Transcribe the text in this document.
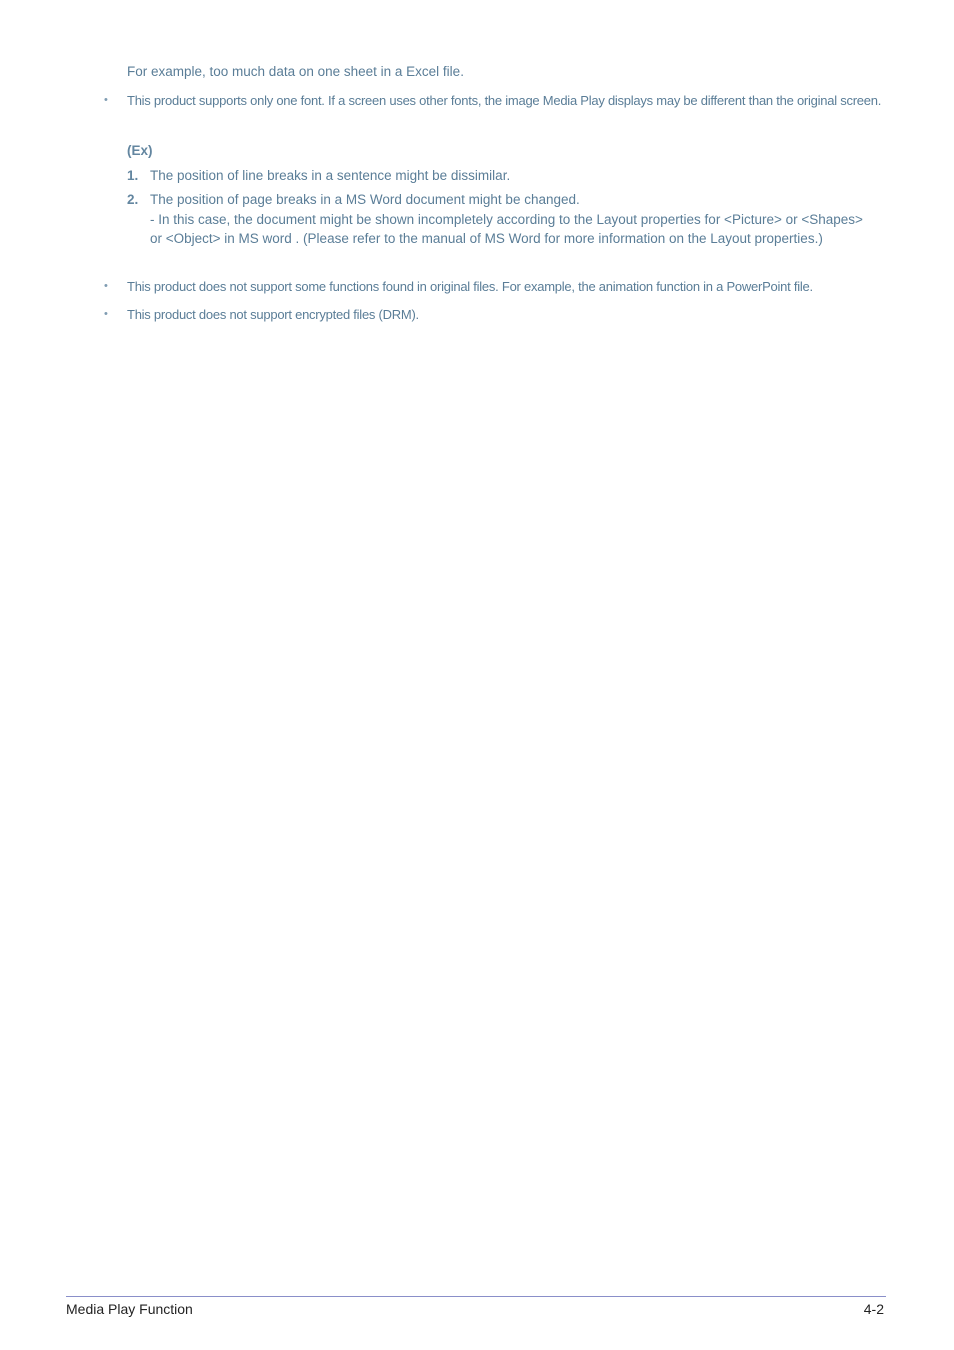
For example, too much data on one sheet in a Excel file.
•	This product supports only one font. If a screen uses other fonts, the image Media Play displays may be different than the original screen.
(Ex)
1. The position of line breaks in a sentence might be dissimilar.
2. The position of page breaks in a MS Word document might be changed.
- In this case, the document might be shown incompletely according to the Layout properties for <Picture> or <Shapes> or <Object> in MS word . (Please refer to the manual of MS Word for more information on the Layout properties.)
•	This product does not support some functions found in original files. For example, the animation function in a PowerPoint file.
•	This product does not support encrypted files (DRM).
Media Play Function	4-2
